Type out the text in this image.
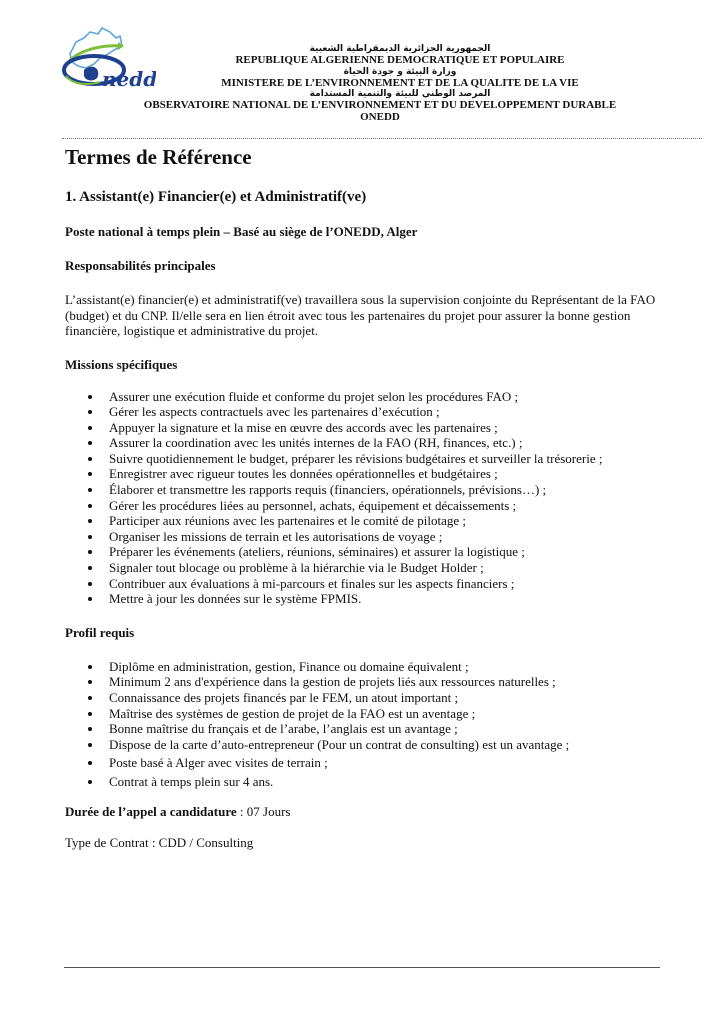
nedd
الجمهورية الجزائرية الديمقراطية الشعبية
REPUBLIQUE ALGERIENNE DEMOCRATIQUE ET POPULAIRE
وزارة البيئة و جودة الحياة
MINISTERE DE L’ENVIRONNEMENT ET DE LA QUALITE DE LA VIE
المرصد الوطني للبيئة والتنمية المستدامة
OBSERVATOIRE NATIONAL DE L’ENVIRONNEMENT ET DU DEVELOPPEMENT DURABLE
ONEDD
Termes de Référence
1. Assistant(e) Financier(e) et Administratif(ve)
Poste national à temps plein – Basé au siège de l’ONEDD, Alger
Responsabilités principales

L’assistant(e) financier(e) et administratif(ve) travaillera sous la supervision conjointe du Représentant de la FAO (budget) et du CNP. Il/elle sera en lien étroit avec tous les partenaires du projet pour assurer la bonne gestion financière, logistique et administrative du projet.

Missions spécifiques
Assurer une exécution fluide et conforme du projet selon les procédures FAO ;
Gérer les aspects contractuels avec les partenaires d’exécution ;
Appuyer la signature et la mise en œuvre des accords avec les partenaires ;
Assurer la coordination avec les unités internes de la FAO (RH, finances, etc.) ;
Suivre quotidiennement le budget, préparer les révisions budgétaires et surveiller la trésorerie ;
Enregistrer avec rigueur toutes les données opérationnelles et budgétaires ;
Élaborer et transmettre les rapports requis (financiers, opérationnels, prévisions…) ;
Gérer les procédures liées au personnel, achats, équipement et décaissements ;
Participer aux réunions avec les partenaires et le comité de pilotage ;
Organiser les missions de terrain et les autorisations de voyage ;
Préparer les événements (ateliers, réunions, séminaires) et assurer la logistique ;
Signaler tout blocage ou problème à la hiérarchie via le Budget Holder ;
Contribuer aux évaluations à mi-parcours et finales sur les aspects financiers ;
Mettre à jour les données sur le système FPMIS.
Profil requis
Diplôme en administration, gestion, Finance ou domaine équivalent ;
Minimum 2 ans d'expérience dans la gestion de projets liés aux ressources naturelles ;
Connaissance des projets financés par le FEM, un atout important ;
Maîtrise des systèmes de gestion de projet de la FAO est un aventage ;
Bonne maîtrise du français et de l’arabe, l’anglais est un avantage ;
Dispose de la carte d’auto-entrepreneur (Pour un contrat de consulting) est un avantage ;
Poste basé à Alger avec visites de terrain ;
Contrat à temps plein sur 4 ans.

Durée de l’appel a candidature : 07 Jours

Type de Contrat : CDD / Consulting
